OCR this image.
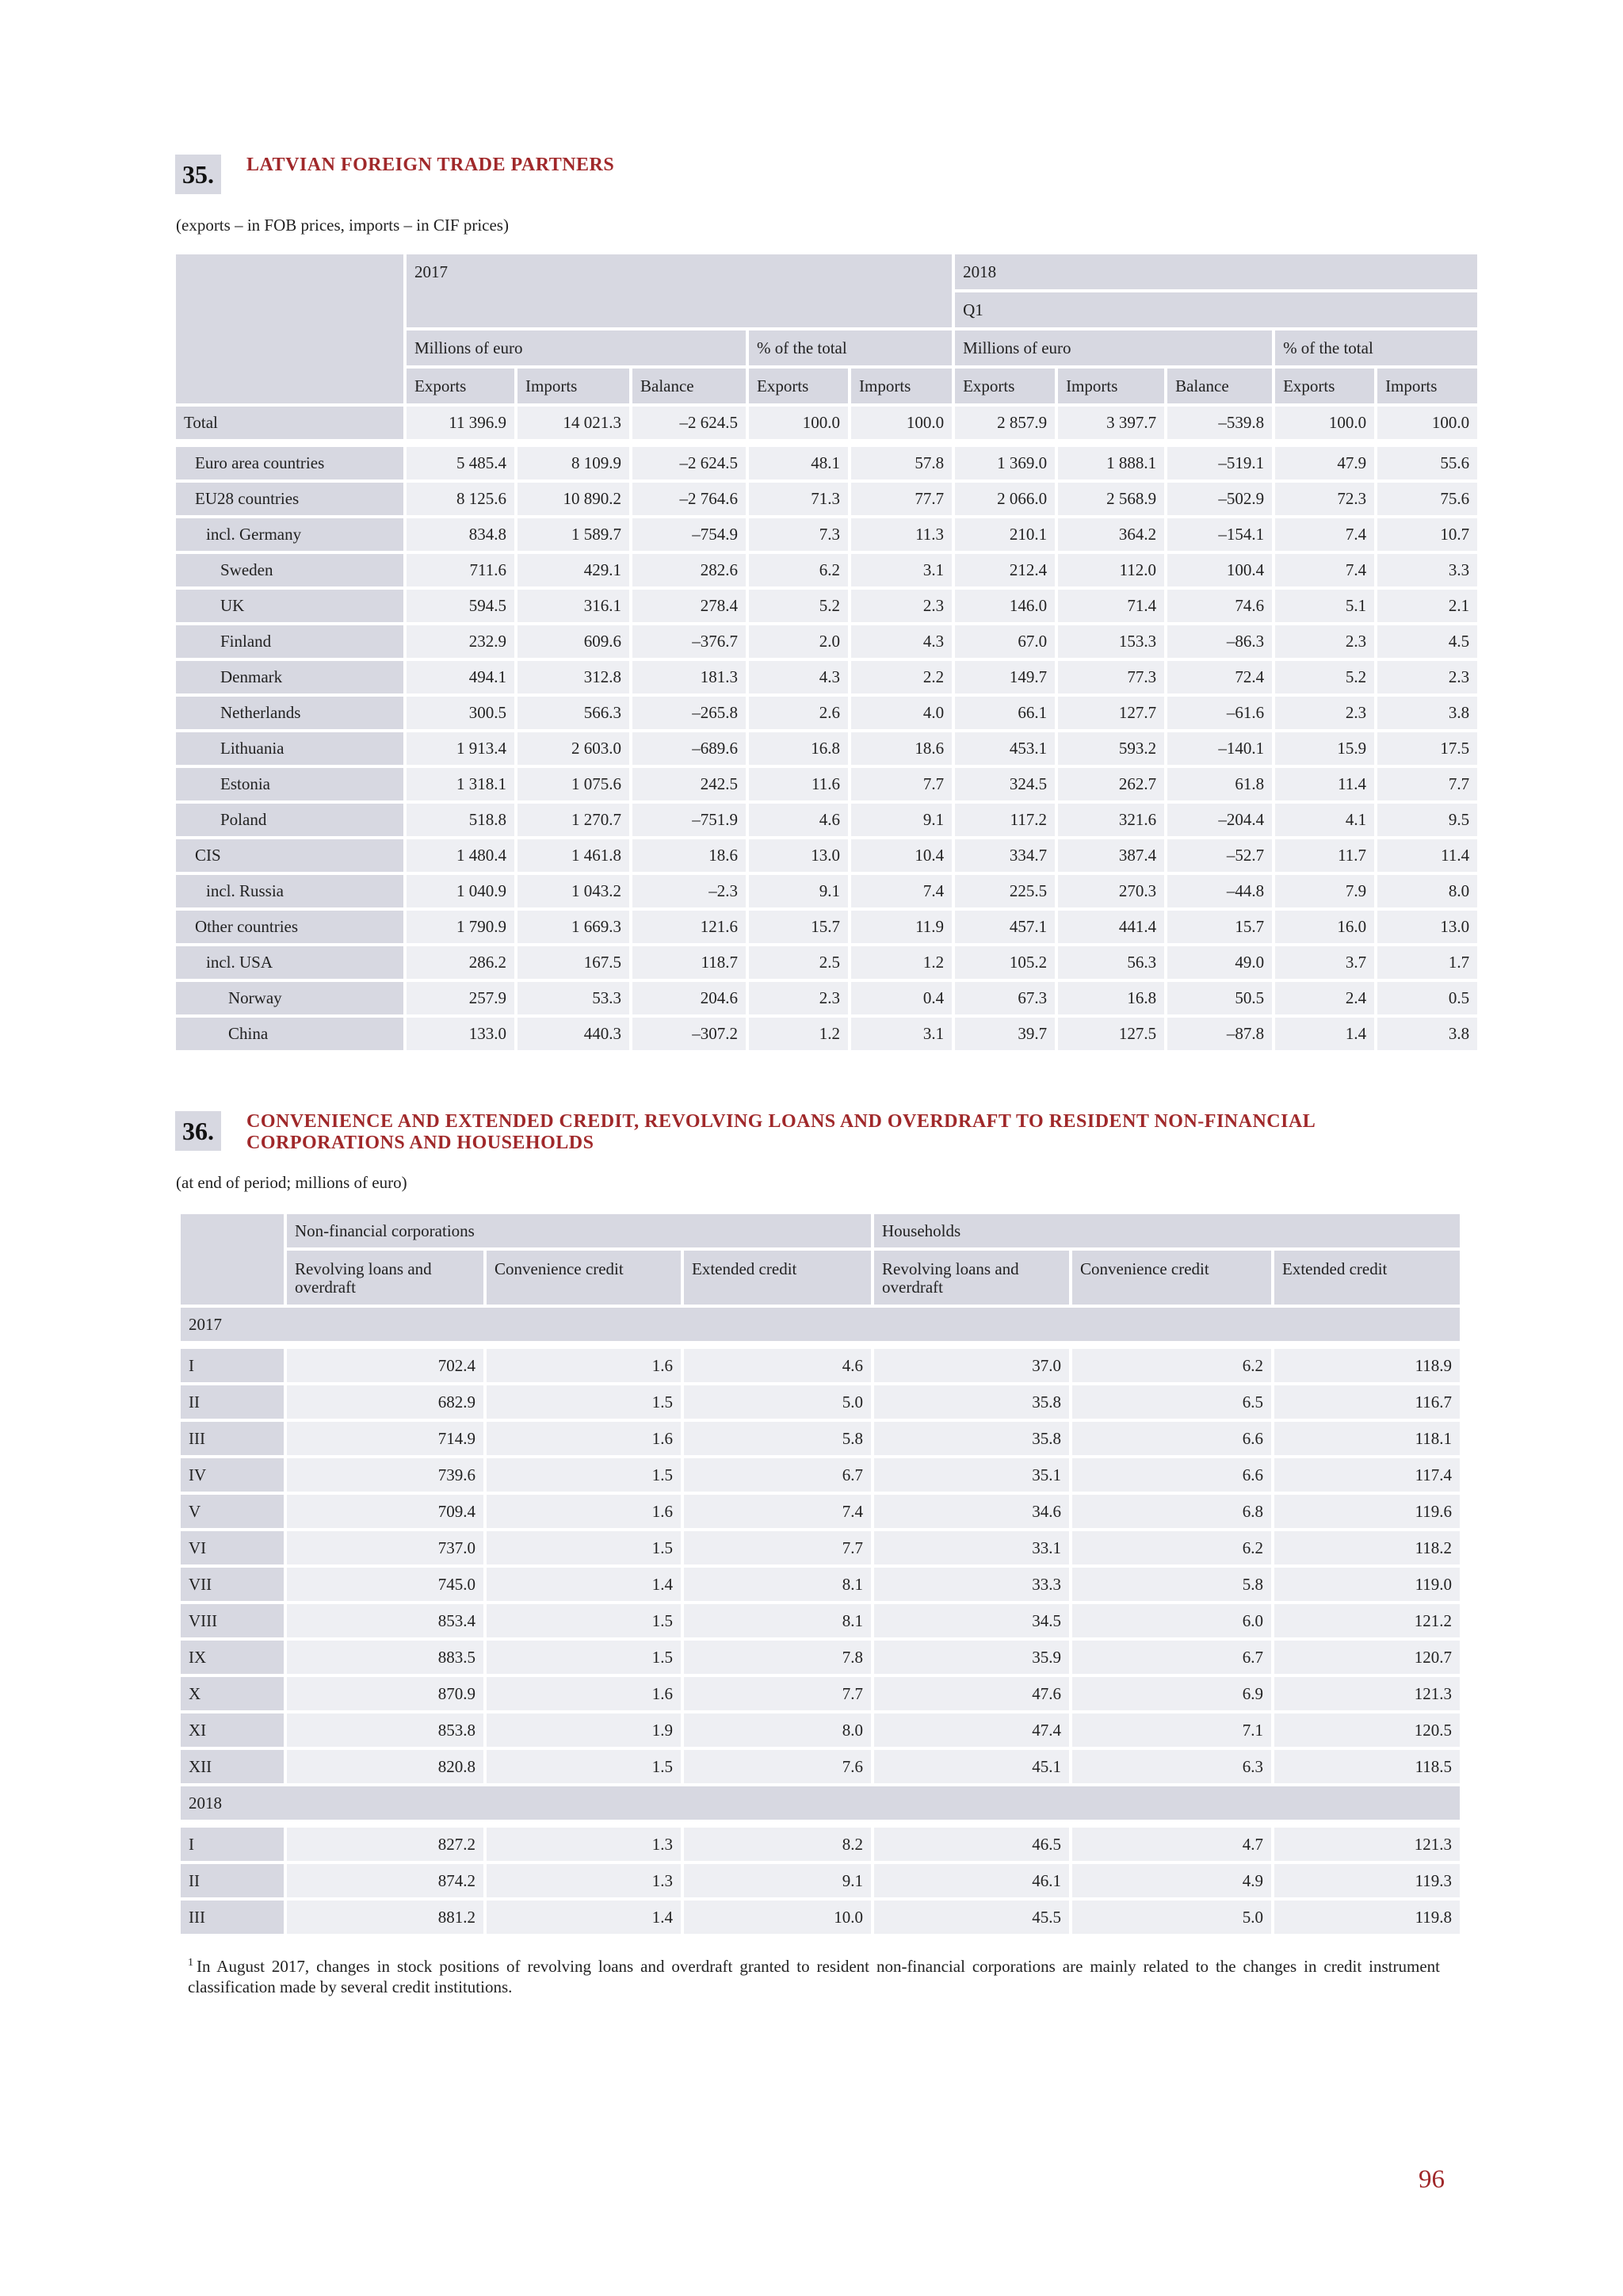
35.	LATVIAN FOREIGN TRADE PARTNERS
(exports – in FOB prices, imports – in CIF prices)
	2017					2018				
						Q1				
	Millions of euro			% of the total		Millions of euro			% of the total	
	Exports	Imports	Balance	Exports	Imports	Exports	Imports	Balance	Exports	Imports
Total	11 396.9	14 021.3	–2 624.5	100.0	100.0	2 857.9	3 397.7	–539.8	100.0	100.0

Euro area countries	5 485.4	8 109.9	–2 624.5	48.1	57.8	1 369.0	1 888.1	–519.1	47.9	55.6
EU28 countries	8 125.6	10 890.2	–2 764.6	71.3	77.7	2 066.0	2 568.9	–502.9	72.3	75.6
incl. Germany	834.8	1 589.7	–754.9	7.3	11.3	210.1	364.2	–154.1	7.4	10.7
Sweden	711.6	429.1	282.6	6.2	3.1	212.4	112.0	100.4	7.4	3.3
UK	594.5	316.1	278.4	5.2	2.3	146.0	71.4	74.6	5.1	2.1
Finland	232.9	609.6	–376.7	2.0	4.3	67.0	153.3	–86.3	2.3	4.5
Denmark	494.1	312.8	181.3	4.3	2.2	149.7	77.3	72.4	5.2	2.3
Netherlands	300.5	566.3	–265.8	2.6	4.0	66.1	127.7	–61.6	2.3	3.8
Lithuania	1 913.4	2 603.0	–689.6	16.8	18.6	453.1	593.2	–140.1	15.9	17.5
Estonia	1 318.1	1 075.6	242.5	11.6	7.7	324.5	262.7	61.8	11.4	7.7
Poland	518.8	1 270.7	–751.9	4.6	9.1	117.2	321.6	–204.4	4.1	9.5
CIS	1 480.4	1 461.8	18.6	13.0	10.4	334.7	387.4	–52.7	11.7	11.4
incl. Russia	1 040.9	1 043.2	–2.3	9.1	7.4	225.5	270.3	–44.8	7.9	8.0
Other countries	1 790.9	1 669.3	121.6	15.7	11.9	457.1	441.4	15.7	16.0	13.0
incl. USA	286.2	167.5	118.7	2.5	1.2	105.2	56.3	49.0	3.7	1.7
Norway	257.9	53.3	204.6	2.3	0.4	67.3	16.8	50.5	2.4	0.5
China	133.0	440.3	–307.2	1.2	3.1	39.7	127.5	–87.8	1.4	3.8
36.	CONVENIENCE AND EXTENDED CREDIT, REVOLVING LOANS AND OVERDRAFT TO RESIDENT NON-FINANCIAL CORPORATIONS AND HOUSEHOLDS
(at end of period; millions of euro)
	Non-financial corporations			Households		
	Revolving loans and overdraft	Convenience credit	Extended credit	Revolving loans and overdraft	Convenience credit	Extended credit
2017						

I	702.4	1.6	4.6	37.0	6.2	118.9
II	682.9	1.5	5.0	35.8	6.5	116.7
III	714.9	1.6	5.8	35.8	6.6	118.1
IV	739.6	1.5	6.7	35.1	6.6	117.4
V	709.4	1.6	7.4	34.6	6.8	119.6
VI	737.0	1.5	7.7	33.1	6.2	118.2
VII	745.0	1.4	8.1	33.3	5.8	119.0
VIII	853.4	1.5	8.1	34.5	6.0	121.2
IX	883.5	1.5	7.8	35.9	6.7	120.7
X	870.9	1.6	7.7	47.6	6.9	121.3
XI	853.8	1.9	8.0	47.4	7.1	120.5
XII	820.8	1.5	7.6	45.1	6.3	118.5
2018						

I	827.2	1.3	8.2	46.5	4.7	121.3
II	874.2	1.3	9.1	46.1	4.9	119.3
III	881.2	1.4	10.0	45.5	5.0	119.8
$^1$ In August 2017, changes in stock positions of revolving loans and overdraft granted to resident non-financial corporations are mainly related to the changes in credit instrument classification made by several credit institutions.
96
